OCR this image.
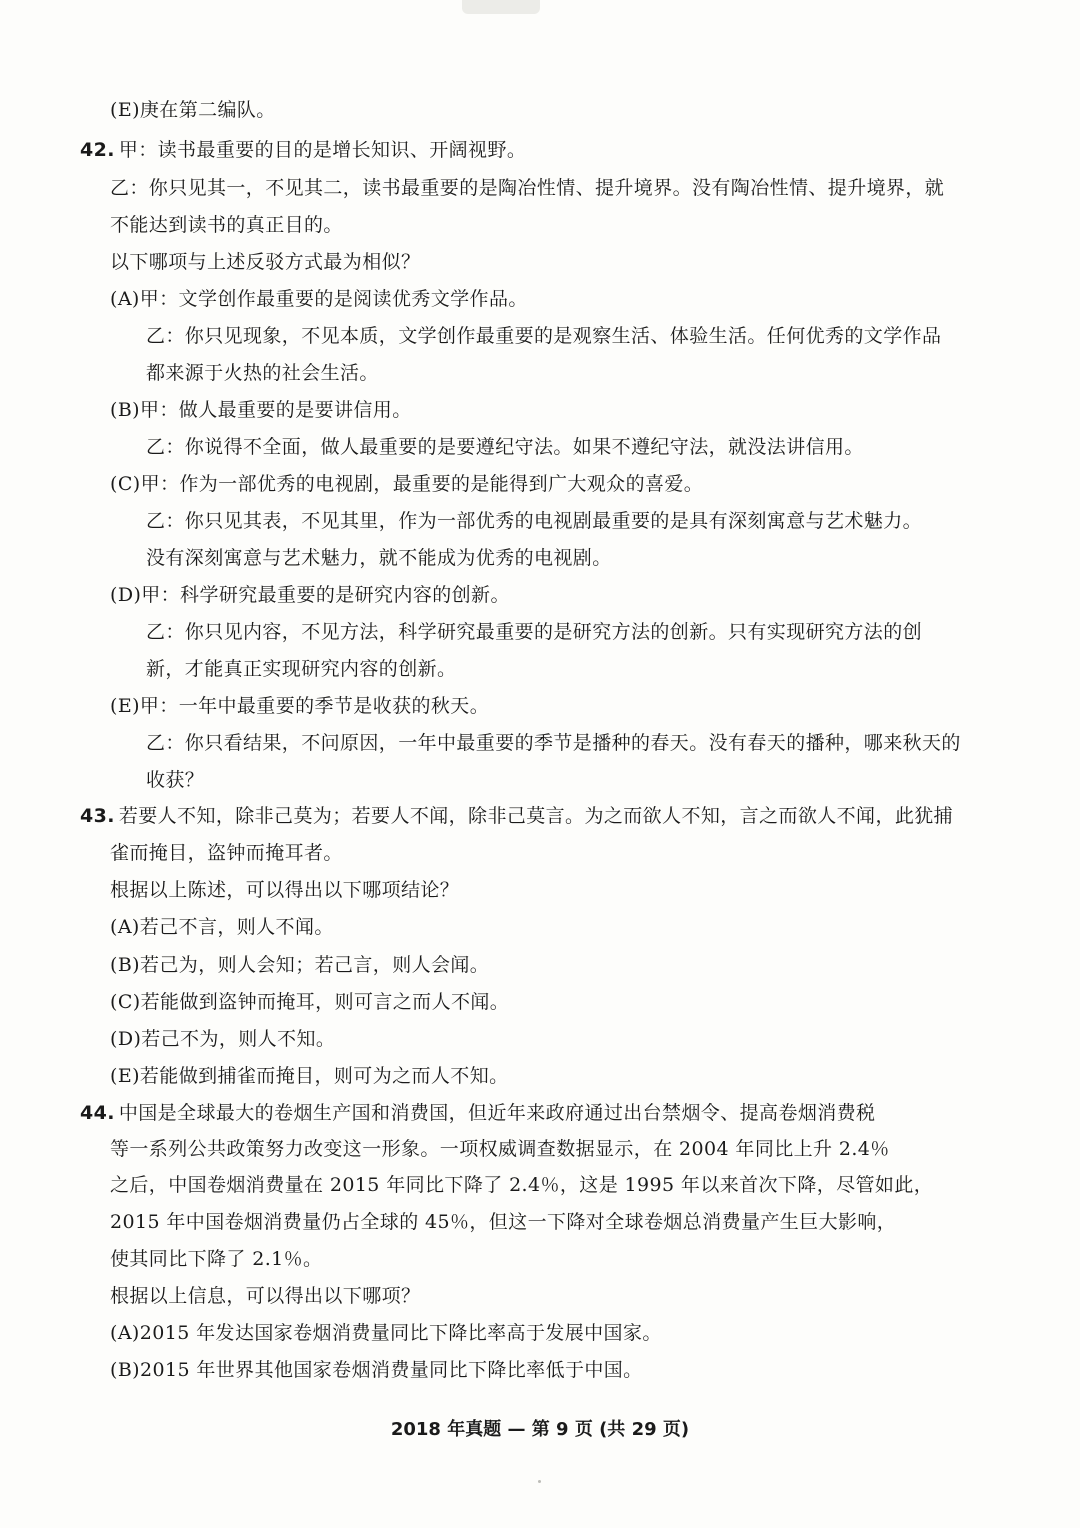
(E)庚在第二编队。
42. 甲：读书最重要的目的是增长知识、开阔视野。
乙：你只见其一，不见其二，读书最重要的是陶冶性情、提升境界。没有陶冶性情、提升境界，就
不能达到读书的真正目的。
以下哪项与上述反驳方式最为相似？
(A)甲：文学创作最重要的是阅读优秀文学作品。
乙：你只见现象，不见本质，文学创作最重要的是观察生活、体验生活。任何优秀的文学作品
都来源于火热的社会生活。
(B)甲：做人最重要的是要讲信用。
乙：你说得不全面，做人最重要的是要遵纪守法。如果不遵纪守法，就没法讲信用。
(C)甲：作为一部优秀的电视剧，最重要的是能得到广大观众的喜爱。
乙：你只见其表，不见其里，作为一部优秀的电视剧最重要的是具有深刻寓意与艺术魅力。
没有深刻寓意与艺术魅力，就不能成为优秀的电视剧。
(D)甲：科学研究最重要的是研究内容的创新。
乙：你只见内容，不见方法，科学研究最重要的是研究方法的创新。只有实现研究方法的创
新，才能真正实现研究内容的创新。
(E)甲：一年中最重要的季节是收获的秋天。
乙：你只看结果，不问原因，一年中最重要的季节是播种的春天。没有春天的播种，哪来秋天的
收获？
43. 若要人不知，除非己莫为；若要人不闻，除非己莫言。为之而欲人不知，言之而欲人不闻，此犹捕
雀而掩目，盗钟而掩耳者。
根据以上陈述，可以得出以下哪项结论？
(A)若己不言，则人不闻。
(B)若己为，则人会知；若己言，则人会闻。
(C)若能做到盗钟而掩耳，则可言之而人不闻。
(D)若己不为，则人不知。
(E)若能做到捕雀而掩目，则可为之而人不知。
44. 中国是全球最大的卷烟生产国和消费国，但近年来政府通过出台禁烟令、提高卷烟消费税
等一系列公共政策努力改变这一形象。一项权威调查数据显示，在 2004 年同比上升 2.4％
之后，中国卷烟消费量在 2015 年同比下降了 2.4％，这是 1995 年以来首次下降，尽管如此，
2015 年中国卷烟消费量仍占全球的 45％，但这一下降对全球卷烟总消费量产生巨大影响，
使其同比下降了 2.1％。
根据以上信息，可以得出以下哪项？
(A)2015 年发达国家卷烟消费量同比下降比率高于发展中国家。
(B)2015 年世界其他国家卷烟消费量同比下降比率低于中国。
2018 年真题 — 第 9 页 (共 29 页)
